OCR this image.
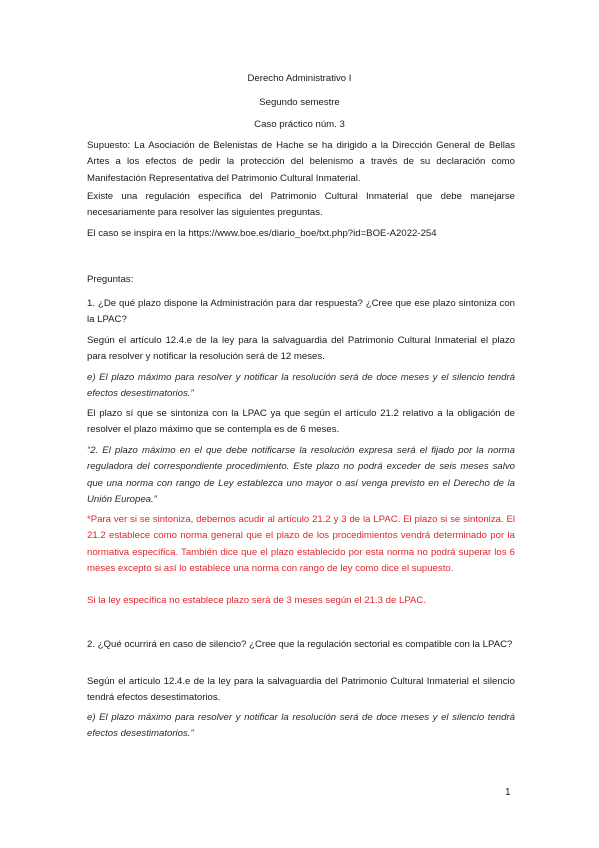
Derecho Administrativo I
Segundo semestre
Caso práctico núm. 3

Supuesto: La Asociación de Belenistas de Hache se ha dirigido a la Dirección General de Bellas Artes a los efectos de pedir la protección del belenismo a través de su declaración como Manifestación Representativa del Patrimonio Cultural Inmaterial.

Existe una regulación específica del Patrimonio Cultural Inmaterial que debe manejarse necesariamente para resolver las siguientes preguntas.

El caso se inspira en la https://www.boe.es/diario_boe/txt.php?id=BOE-A2022-254

Preguntas:

1. ¿De qué plazo dispone la Administración para dar respuesta? ¿Cree que ese plazo sintoniza con la LPAC?

Según el artículo 12.4.e de la ley para la salvaguardia del Patrimonio Cultural Inmaterial el plazo para resolver y notificar la resolución será de 12 meses.

e) El plazo máximo para resolver y notificar la resolución será de doce meses y el silencio tendrá efectos desestimatorios.”

El plazo sí que se sintoniza con la LPAC ya que según el artículo 21.2 relativo a la obligación de resolver el plazo máximo que se contempla es de 6 meses.

“2. El plazo máximo en el que debe notificarse la resolución expresa será el fijado por la norma reguladora del correspondiente procedimiento. Este plazo no podrá exceder de seis meses salvo que una norma con rango de Ley establezca uno mayor o así venga previsto en el Derecho de la Unión Europea.”

*Para ver si se sintoniza, debemos acudir al artículo 21.2 y 3 de la LPAC. El plazo si se sintoniza. El 21.2 establece como norma general que el plazo de los procedimientos vendrá determinado por la normativa específica. También dice que el plazo establecido por esta norma no podrá superar los 6 meses excepto si así lo establece una norma con rango de ley como dice el supuesto.

Si la ley específica no establece plazo será de 3 meses según el 21.3 de LPAC.

2. ¿Qué ocurrirá en caso de silencio? ¿Cree que la regulación sectorial es compatible con la LPAC?

Según el artículo 12.4.e de la ley para la salvaguardia del Patrimonio Cultural Inmaterial el silencio tendrá efectos desestimatorios.

e) El plazo máximo para resolver y notificar la resolución será de doce meses y el silencio tendrá efectos desestimatorios.”

1
